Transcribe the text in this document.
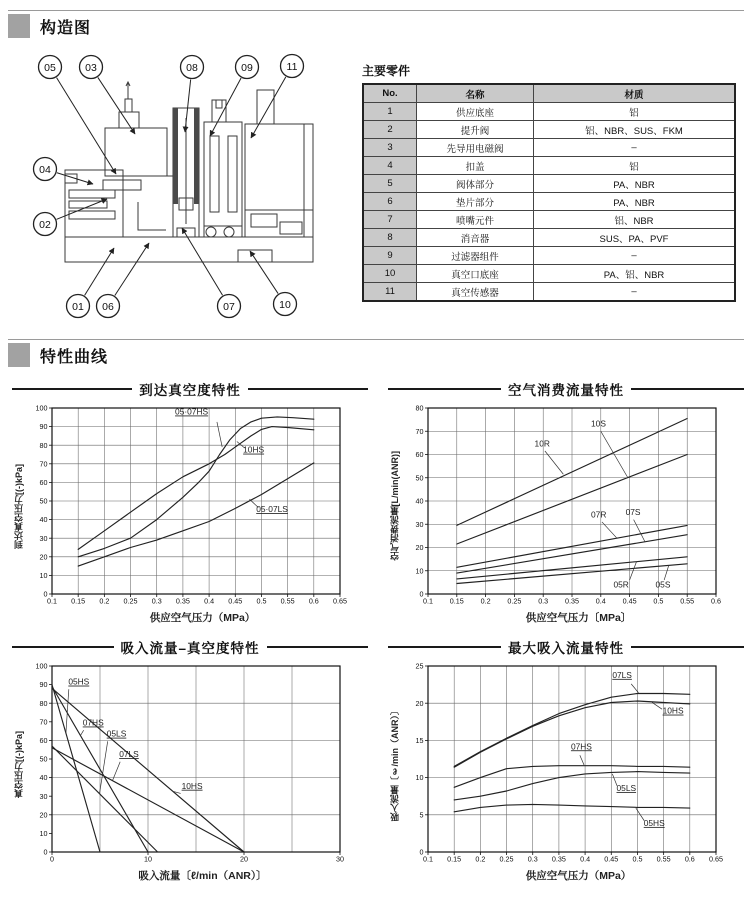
构造图
05	03	08	09	11
04
02
01 06	07	10
主要零件
No.	名称	材质
1	供应底座	铝
2	提升阀	铝、NBR、SUS、FKM
3	先导用电磁阀	–
4	扣盖	铝
5	阀体部分	PA、NBR
6	垫片部分	PA、NBR
7	喷嘴元件	铝、NBR
8	消音器	SUS、PA、PVF
9	过滤器组件	–
10	真空口底座	PA、铝、NBR
11	真空传感器	–
特性曲线
到达真空度特性
到达真空压力[(-)kPa]
0.1 0.15 0.2 0.25 0.3 0.35 0.4 0.45 0.5 0.55 0.6 0.65
0
10
20
30
40
50
60
70
80
90
100	05·07HS
10HS
05·07LS
供应空气压力（MPa）
空气消费流量特性
空气消费流量[L/min(ANR)]
0.1 0.15 0.2 0.25 0.3 0.35 0.4 0.45 0.5 0.55 0.6
0
10
20
30
40
50
60
70
80
10R
10S
07R 07S
05R	05S
供应空气压力〔MPa〕
吸入流量–真空度特性
真空压力[(-)kPa]
0	10	20	30
0
10
20
30
40
50
60
70
80
90
100
05HS
07HS
05LS
07LS
10HS
吸入流量〔ℓ/min（ANR）〕
最大吸入流量特性
吸入流量〔ℓ/min（ANR）〕
0.1 0.15 0.2 0.25 0.3 0.35 0.4 0.45 0.5 0.55 0.6 0.65
0
5
10
15
20
25
07LS
10HS
07HS
05LS
05HS
供应空气压力（MPa）
